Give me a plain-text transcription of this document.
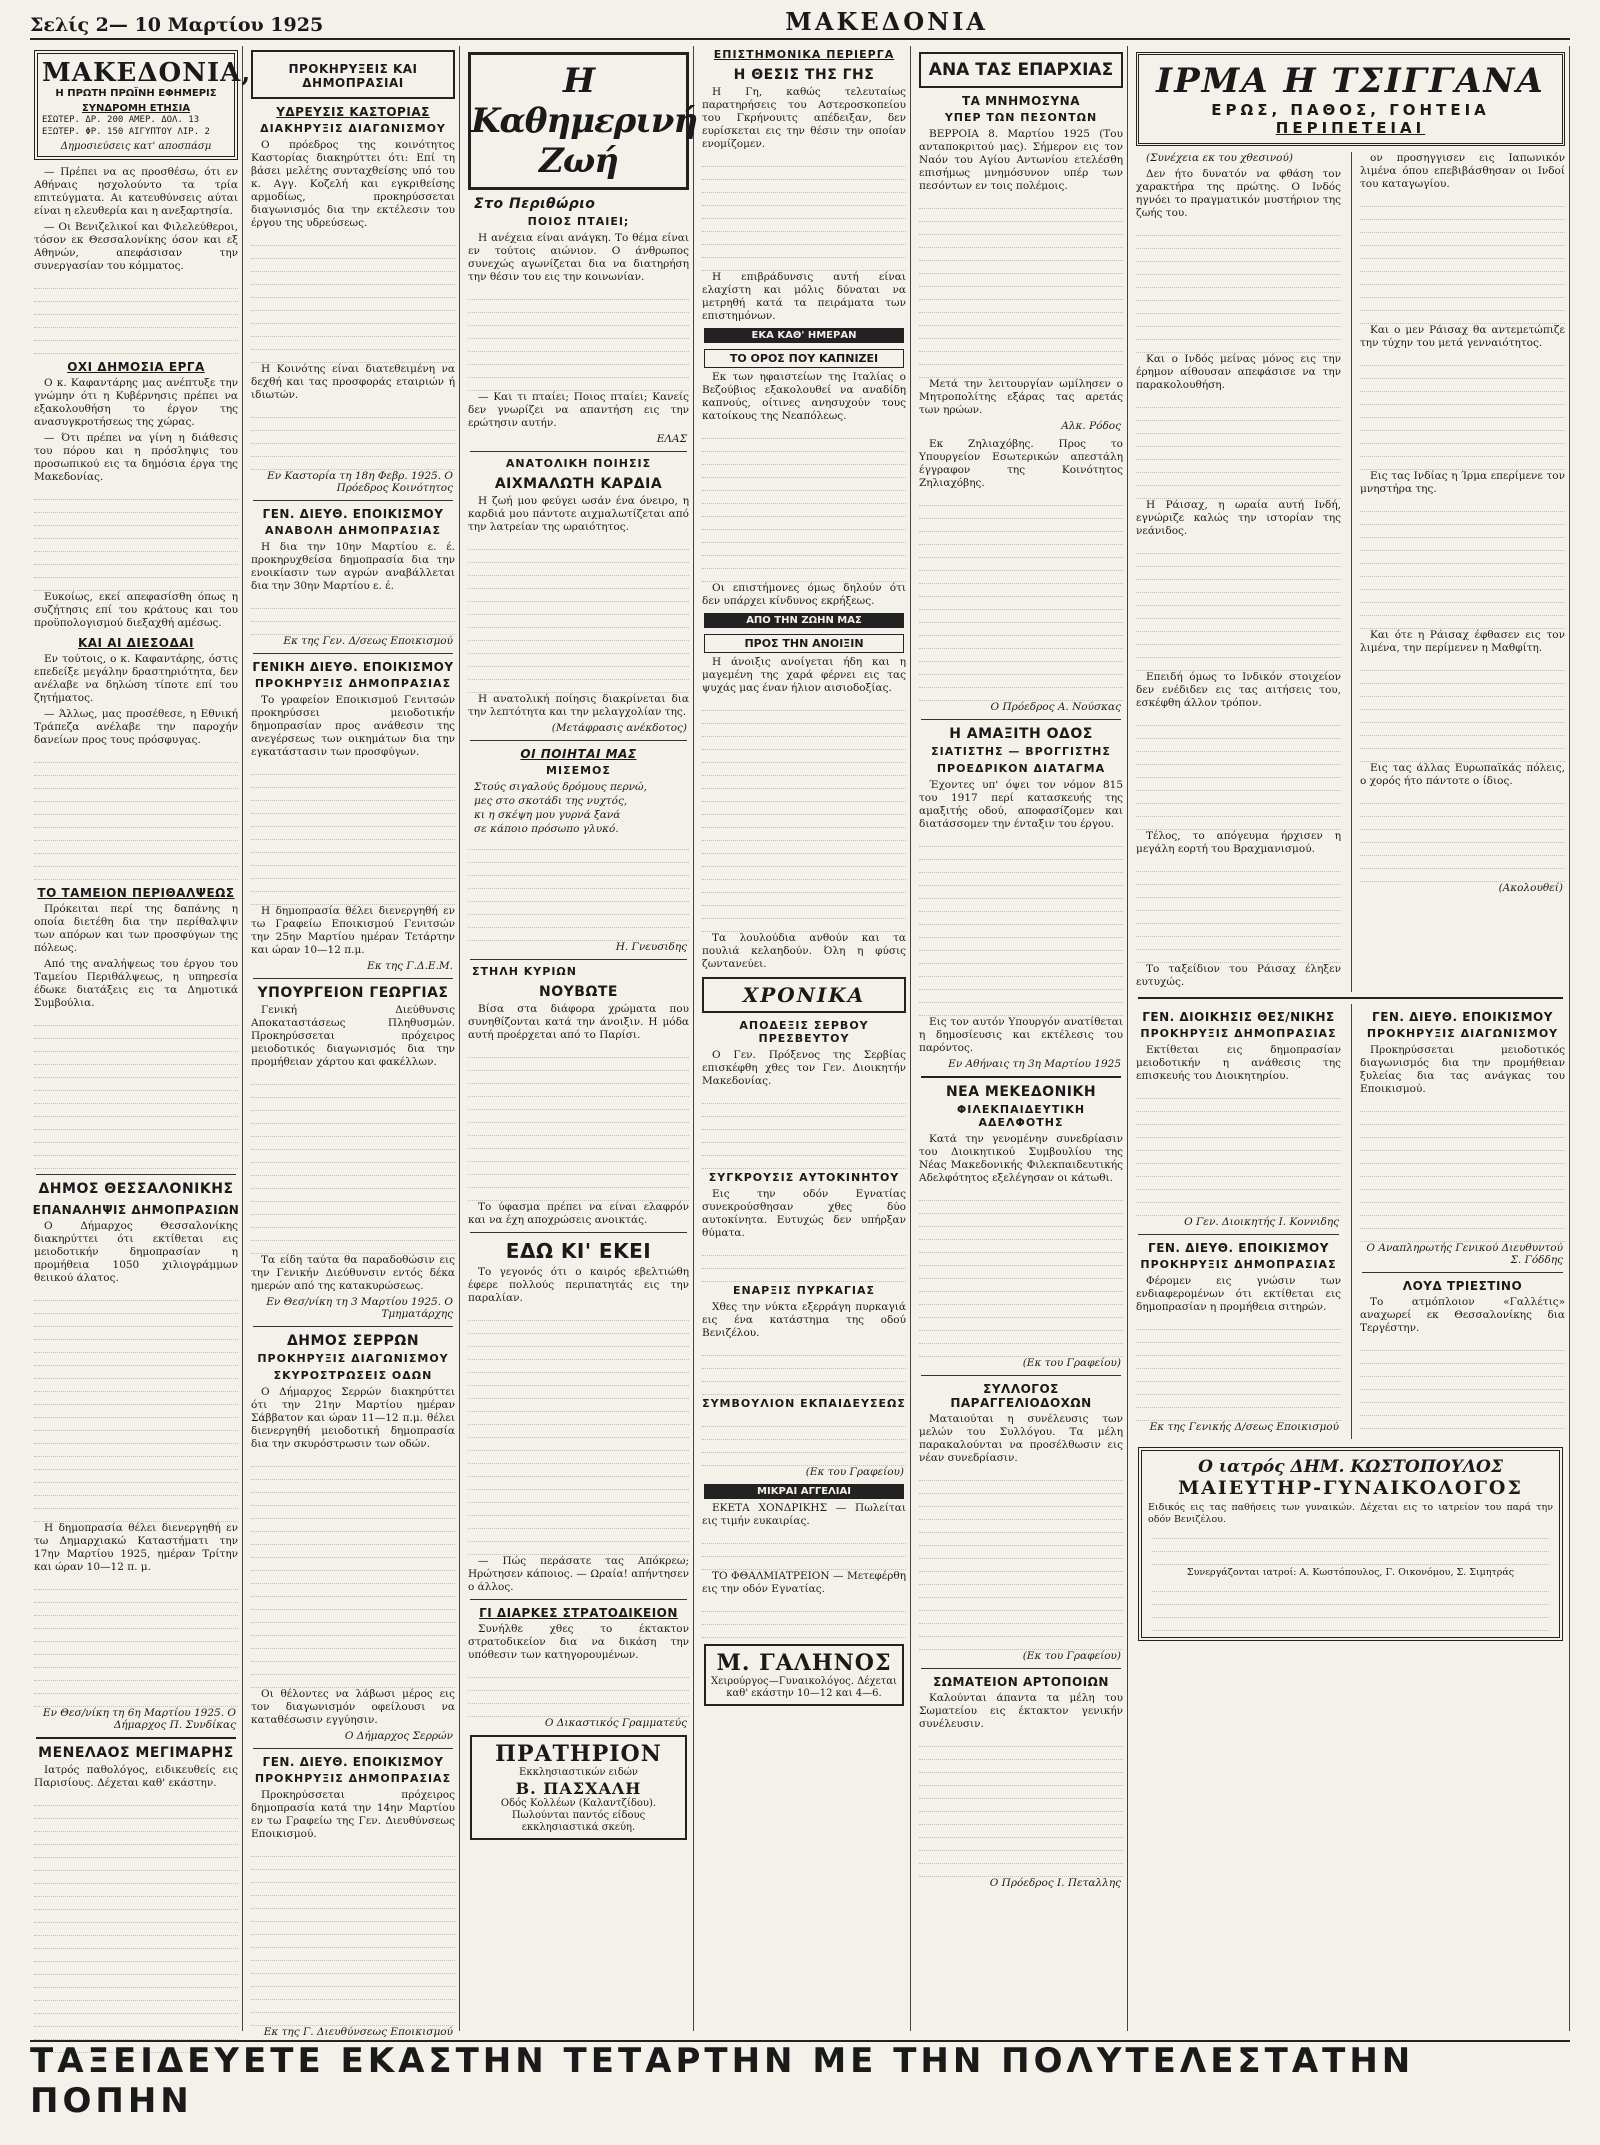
Σελίς 2— 10 Μαρτίου 1925	ΜΑΚΕΔΟΝΙΑ
ΜΑΚΕΔΟΝΙΑ,
Η ΠΡΩΤΗ ΠΡΩΪΝΗ ΕΦΗΜΕΡΙΣ
ΣΥΝΔΡΟΜΗ ΕΤΗΣΙΑ
ΕΣΩΤΕΡ. ΔΡ. 200 ΑΜΕΡ. ΔΟΛ. 13
ΕΞΩΤΕΡ. ΦΡ. 150 ΑΙΓΥΠΤΟΥ ΛΙΡ. 2
Δημοσιεύσεις κατ' αποσπάσμ

— Πρέπει να ας προσθέσω, ότι εν Αθήναις ησχολούντο τα τρία επιτεύγματα. Αι κατευθύνσεις αύται είναι η ελευθερία και η ανεξαρτησία.

— Οι Βενιζελικοί και Φιλελεύθεροι, τόσον εκ Θεσσαλονίκης όσον και εξ Αθηνών, απεφάσισαν την συνεργασίαν του κόμματος.

ΟΧΙ ΔΗΜΟΣΙΑ ΕΡΓΑ

Ο κ. Καφαντάρης μας ανέπτυξε την γνώμην ότι η Κυβέρνησις πρέπει να εξακολουθήση το έργον της ανασυγκροτήσεως της χώρας.

— Ότι πρέπει να γίνη η διάθεσις του πόρου και η πρόσληψις του προσωπικού εις τα δημόσια έργα της Μακεδονίας.

Ευκοίως, εκεί απεφασίσθη όπως η συζήτησις επί του κράτους και του προϋπολογισμού διεξαχθή αμέσως.

ΚΑΙ ΑΙ ΔΙΕΣΟΔΑΙ

Εν τούτοις, ο κ. Καφαντάρης, όστις επεδείξε μεγάλην δραστηριότητα, δεν ανέλαβε να δηλώση τίποτε επί του ζητήματος.

— Άλλως, μας προσέθεσε, η Εθνική Τράπεζα ανέλαβε την παροχήν δανείων προς τους πρόσφυγας.

ΤΟ ΤΑΜΕΙΟΝ ΠΕΡΙΘΑΛΨΕΩΣ

Πρόκειται περί της δαπάνης η οποία διετέθη δια την περίθαλψιν των απόρων και των προσφύγων της πόλεως.

Από της αναλήψεως του έργου του Ταμείου Περιθάλψεως, η υπηρεσία έδωκε διατάξεις εις τα Δημοτικά Συμβούλια.

ΔΗΜΟΣ ΘΕΣΣΑΛΟΝΙΚΗΣ
ΕΠΑΝΑΛΗΨΙΣ ΔΗΜΟΠΡΑΣΙΩΝ

Ο Δήμαρχος Θεσσαλονίκης διακηρύττει ότι εκτίθεται εις μειοδοτικήν δημοπρασίαν η προμήθεια 1050 χιλιογράμμων θειικού άλατος.

Η δημοπρασία θέλει διενεργηθή εν τω Δημαρχιακώ Καταστήματι την 17ην Μαρτίου 1925, ημέραν Τρίτην και ώραν 10—12 π. μ.

Εν Θεσ/νίκη τη 6η Μαρτίου 1925. Ο Δήμαρχος Π. Συνδίκας
ΜΕΝΕΛΑΟΣ ΜΕΓΙΜΑΡΗΣ

Ιατρός παθολόγος, ειδικευθείς εις Παρισίους. Δέχεται καθ' εκάστην.

ΠΡΟΚΗΡΥΞΕΙΣ ΚΑΙ ΔΗΜΟΠΡΑΣΙΑΙ
ΥΔΡΕΥΣΙΣ ΚΑΣΤΟΡΙΑΣ
ΔΙΑΚΗΡΥΞΙΣ ΔΙΑΓΩΝΙΣΜΟΥ

Ο πρόεδρος της κοινότητος Καστορίας διακηρύττει ότι: Επί τη βάσει μελέτης συνταχθείσης υπό του κ. Αγγ. Κοζελή και εγκριθείσης αρμοδίως, προκηρύσσεται διαγωνισμός δια την εκτέλεσιν του έργου της υδρεύσεως.

Η Κοινότης είναι διατεθειμένη να δεχθή και τας προσφοράς εταιριών ή ιδιωτών.

Εν Καστορία τη 18η Φεβρ. 1925. Ο Πρόεδρος Κοινότητος
ΓΕΝ. ΔΙΕΥΘ. ΕΠΟΙΚΙΣΜΟΥ
ΑΝΑΒΟΛΗ ΔΗΜΟΠΡΑΣΙΑΣ

Η δια την 10ην Μαρτίου ε. έ. προκηρυχθείσα δημοπρασία δια την ενοικίασιν των αγρών αναβάλλεται δια την 30ην Μαρτίου ε. έ.

Εκ της Γεν. Δ/σεως Εποικισμού
ΓΕΝΙΚΗ ΔΙΕΥΘ. ΕΠΟΙΚΙΣΜΟΥ
ΠΡΟΚΗΡΥΞΙΣ ΔΗΜΟΠΡΑΣΙΑΣ

Το γραφείον Εποικισμού Γενιτσών προκηρύσσει μειοδοτικήν δημοπρασίαν προς ανάθεσιν της ανεγέρσεως των οικημάτων δια την εγκατάστασιν των προσφύγων.

Η δημοπρασία θέλει διενεργηθή εν τω Γραφείω Εποικισμού Γενιτσών την 25ην Μαρτίου ημέραν Τετάρτην και ώραν 10—12 π.μ.

Εκ της Γ.Δ.Ε.Μ.
ΥΠΟΥΡΓΕΙΟΝ ΓΕΩΡΓΙΑΣ

Γενική Διεύθυνσις Αποκαταστάσεως Πληθυσμών. Προκηρύσσεται πρόχειρος μειοδοτικός διαγωνισμός δια την προμήθειαν χάρτου και φακέλλων.

Τα είδη ταύτα θα παραδοθώσιν εις την Γενικήν Διεύθυνσιν εντός δέκα ημερών από της κατακυρώσεως.

Εν Θεσ/νίκη τη 3 Μαρτίου 1925. Ο Τμηματάρχης
ΔΗΜΟΣ ΣΕΡΡΩΝ
ΠΡΟΚΗΡΥΞΙΣ ΔΙΑΓΩΝΙΣΜΟΥ
ΣΚΥΡΟΣΤΡΩΣΕΙΣ ΟΔΩΝ

Ο Δήμαρχος Σερρών διακηρύττει ότι την 21ην Μαρτίου ημέραν Σάββατον και ώραν 11—12 π.μ. θέλει διενεργηθή μειοδοτική δημοπρασία δια την σκυρόστρωσιν των οδών.

Οι θέλοντες να λάβωσι μέρος εις τον διαγωνισμόν οφείλουσι να καταθέσωσιν εγγύησιν.

Ο Δήμαρχος Σερρών
ΓΕΝ. ΔΙΕΥΘ. ΕΠΟΙΚΙΣΜΟΥ
ΠΡΟΚΗΡΥΞΙΣ ΔΗΜΟΠΡΑΣΙΑΣ

Προκηρύσσεται πρόχειρος δημοπρασία κατά την 14ην Μαρτίου εν τω Γραφείω της Γεν. Διευθύνσεως Εποικισμού.

Εκ της Γ. Διευθύνσεως Εποικισμού
Η Καθημερινή Ζωή
Στο Περιθώριο
ΠΟΙΟΣ ΠΤΑΙΕΙ;

Η ανέχεια είναι ανάγκη. Το θέμα είναι εν τούτοις αιώνιον. Ο άνθρωπος συνεχώς αγωνίζεται δια να διατηρήση την θέσιν του εις την κοινωνίαν.

— Και τι πταίει; Ποιος πταίει; Κανείς δεν γνωρίζει να απαντήση εις την ερώτησιν αυτήν.

ΕΛΑΣ
ΑΝΑΤΟΛΙΚΗ ΠΟΙΗΣΙΣ
ΑΙΧΜΑΛΩΤΗ ΚΑΡΔΙΑ

Η ζωή μου φεύγει ωσάν ένα όνειρο, η καρδιά μου πάντοτε αιχμαλωτίζεται από την λατρείαν της ωραιότητος.

Η ανατολική ποίησις διακρίνεται δια την λεπτότητα και την μελαγχολίαν της.

(Μετάφρασις ανέκδοτος)
ΟΙ ΠΟΙΗΤΑΙ ΜΑΣ
ΜΙΣΕΜΟΣ
Στούς σιγαλούς δρόμους περνώ,
μες στο σκοτάδι της νυχτός,
κι η σκέψη μου γυρνά ξανά
σε κάποιο πρόσωπο γλυκό.
Η. Γνευσιδης
ΣΤΗΛΗ ΚΥΡΙΩΝ
ΝΟΥΒΩΤΕ

Βίσα στα διάφορα χρώματα που συνηθίζονται κατά την άνοιξιν. Η μόδα αυτή προέρχεται από το Παρίσι.

Το ύφασμα πρέπει να είναι ελαφρόν και να έχη αποχρώσεις ανοικτάς.

ΕΔΩ ΚΙ' ΕΚΕΙ

Το γεγονός ότι ο καιρός εβελτιώθη έφερε πολλούς περιπατητάς εις την παραλίαν.

— Πώς περάσατε τας Απόκρεω; Ηρώτησεν κάποιος. — Ωραία! απήντησεν ο άλλος.

ΓΙ ΔΙΑΡΚΕΣ ΣΤΡΑΤΟΔΙΚΕΙΟΝ

Συνήλθε χθες το έκτακτον στρατοδικείον δια να δικάση την υπόθεσιν των κατηγορουμένων.

Ο Δικαστικός Γραμματεύς
ΠΡΑΤΗΡΙΟΝ
Εκκλησιαστικών ειδών
Β. ΠΑΣΧΑΛΗ
Οδός Κολλέων (Καλαντζίδου). Πωλούνται παντός είδους εκκλησιαστικά σκεύη.
ΕΠΙΣΤΗΜΟΝΙΚΑ ΠΕΡΙΕΡΓΑ
Η ΘΕΣΙΣ ΤΗΣ ΓΗΣ

Η Γη, καθώς τελευταίως παρατηρήσεις του Αστεροσκοπείου του Γκρήνουιτς απέδειξαν, δεν ευρίσκεται εις την θέσιν την οποίαν ενομίζομεν.

Η επιβράδυνσις αυτή είναι ελαχίστη και μόλις δύναται να μετρηθή κατά τα πειράματα των επιστημόνων.

ΕΚΑ ΚΑΘ' ΗΜΕΡΑΝ
ΤΟ ΟΡΟΣ ΠΟΥ ΚΑΠΝΙΖΕΙ

Εκ των ηφαιστείων της Ιταλίας ο Βεζούβιος εξακολουθεί να αναδίδη καπνούς, οίτινες ανησυχούν τους κατοίκους της Νεαπόλεως.

Οι επιστήμονες όμως δηλούν ότι δεν υπάρχει κίνδυνος εκρήξεως.

ΑΠΟ ΤΗΝ ΖΩΗΝ ΜΑΣ
ΠΡΟΣ ΤΗΝ ΑΝΟΙΞΙΝ

Η άνοιξις ανοίγεται ήδη και η μαγεμένη της χαρά φέρνει εις τας ψυχάς μας έναν ήλιον αισιοδοξίας.

Τα λουλούδια ανθούν και τα πουλιά κελαηδούν. Όλη η φύσις ζωντανεύει.

ΧΡΟΝΙΚΑ
ΑΠΟΔΕΞΙΣ ΣΕΡΒΟΥ ΠΡΕΣΒΕΥΤΟΥ

Ο Γεν. Πρόξενος της Σερβίας επισκέφθη χθες τον Γεν. Διοικητήν Μακεδονίας.

ΣΥΓΚΡΟΥΣΙΣ ΑΥΤΟΚΙΝΗΤΟΥ

Εις την οδόν Εγνατίας συνεκρούσθησαν χθες δύο αυτοκίνητα. Ευτυχώς δεν υπήρξαν θύματα.

ΕΝΑΡΞΙΣ ΠΥΡΚΑΓΙΑΣ

Χθες την νύκτα εξερράγη πυρκαγιά εις ένα κατάστημα της οδού Βενιζέλου.

ΣΥΜΒΟΥΛΙΟΝ ΕΚΠΑΙΔΕΥΣΕΩΣ
(Εκ του Γραφείου)
ΜΙΚΡΑΙ ΑΓΓΕΛΙΑΙ

ΕΚΕΤΑ ΧΟΝΔΡΙΚΗΣ — Πωλείται εις τιμήν ευκαιρίας.

ΤΟ ΦΘΑΛΜΙΑΤΡΕΙΟΝ — Μετεφέρθη εις την οδόν Εγνατίας.

Μ. ΓΑΛΗΝΟΣ
Χειρούργος—Γυναικολόγος. Δέχεται καθ' εκάστην 10—12 και 4—6.
ΑΝΑ ΤΑΣ ΕΠΑΡΧΙΑΣ
ΤΑ ΜΝΗΜΟΣΥΝΑ
ΥΠΕΡ ΤΩΝ ΠΕΣΟΝΤΩΝ

ΒΕΡΡΟΙΑ 8. Μαρτίου 1925 (Του ανταποκριτού μας). Σήμερον εις τον Ναόν του Αγίου Αντωνίου ετελέσθη επισήμως μνημόσυνον υπέρ των πεσόντων εν τοις πολέμοις.

Μετά την λειτουργίαν ωμίλησεν ο Μητροπολίτης εξάρας τας αρετάς των ηρώων.

Αλκ. Ρόδος

Εκ Ζηλιαχόβης. Προς το Υπουργείον Εσωτερικών απεστάλη έγγραφον της Κοινότητος Ζηλιαχόβης.

Ο Πρόεδρος Α. Νούσκας
Η ΑΜΑΞΙΤΗ ΟΔΟΣ
ΣΙΑΤΙΣΤΗΣ — ΒΡΟΓΓΙΣΤΗΣ
ΠΡΟΕΔΡΙΚΟΝ ΔΙΑΤΑΓΜΑ

Έχοντες υπ' όψει τον νόμον 815 του 1917 περί κατασκευής της αμαξιτής οδού, αποφασίζομεν και διατάσσομεν την ένταξιν του έργου.

Εις τον αυτόν Υπουργόν ανατίθεται η δημοσίευσις και εκτέλεσις του παρόντος.

Εν Αθήναις τη 3η Μαρτίου 1925
ΝΕΑ ΜΕΚΕΔΟΝΙΚΗ
ΦΙΛΕΚΠΑΙΔΕΥΤΙΚΗ ΑΔΕΛΦΟΤΗΣ

Κατά την γενομένην συνεδρίασιν του Διοικητικού Συμβουλίου της Νέας Μακεδονικής Φιλεκπαιδευτικής Αδελφότητος εξελέγησαν οι κάτωθι.

(Εκ του Γραφείου)
ΣΥΛΛΟΓΟΣ ΠΑΡΑΓΓΕΛΙΟΔΟΧΩΝ

Ματαιούται η συνέλευσις των μελών του Συλλόγου. Τα μέλη παρακαλούνται να προσέλθωσιν εις νέαν συνεδρίασιν.

(Εκ του Γραφείου)
ΣΩΜΑΤΕΙΟΝ ΑΡΤΟΠΟΙΩΝ

Καλούνται άπαντα τα μέλη του Σωματείου εις έκτακτον γενικήν συνέλευσιν.

Ο Πρόεδρος Ι. Πεταλλης
ΙΡΜΑ Η ΤΣΙΓΓΑΝΑ
ΕΡΩΣ, ΠΑΘΟΣ, ΓΟΗΤΕΙΑ
ΠΕΡΙΠΕΤΕΙΑΙ

(Συνέχεια εκ του χθεσινού)

Δεν ήτο δυνατόν να φθάση τον χαρακτήρα της πρώτης. Ο Ινδός ηγνόει το πραγματικόν μυστήριον της ζωής του.

Και ο Ινδός μείνας μόνος εις την έρημον αίθουσαν απεφάσισε να την παρακολουθήση.

Η Ράισαχ, η ωραία αυτή Ινδή, εγνώριζε καλώς την ιστορίαν της νεάνιδος.

Επειδή όμως το Ινδικόν στοιχείον δεν ενέδιδεν εις τας αιτήσεις του, εσκέφθη άλλον τρόπον.

Τέλος, το απόγευμα ήρχισεν η μεγάλη εορτή του Βραχμανισμού.

Το ταξείδιον του Ράισαχ έληξεν ευτυχώς.

ον προσηγγισεν εις Ιαπωνικόν λιμένα όπου επεβιβάσθησαν οι Ινδοί του καταγωγίου.

Και ο μεν Ράισαχ θα αντεμετώπιζε την τύχην του μετά γενναιότητος.

Εις τας Ινδίας η Ίρμα επερίμενε τον μνηστήρα της.

Και ότε η Ράισαχ έφθασεν εις τον λιμένα, την περίμενεν η Μαθφίτη.

Εις τας άλλας Ευρωπαϊκάς πόλεις, ο χορός ήτο πάντοτε ο ίδιος.

(Ακολουθεί)
ΓΕΝ. ΔΙΟΙΚΗΣΙΣ ΘΕΣ/ΝΙΚΗΣ
ΠΡΟΚΗΡΥΞΙΣ ΔΗΜΟΠΡΑΣΙΑΣ

Εκτίθεται εις δημοπρασίαν μειοδοτικήν η ανάθεσις της επισκευής του Διοικητηρίου.

Ο Γεν. Διοικητής Ι. Κοννιδης
ΓΕΝ. ΔΙΕΥΘ. ΕΠΟΙΚΙΣΜΟΥ
ΠΡΟΚΗΡΥΞΙΣ ΔΗΜΟΠΡΑΣΙΑΣ

Φέρομεν εις γνώσιν των ενδιαφερομένων ότι εκτίθεται εις δημοπρασίαν η προμήθεια σιτηρών.

Εκ της Γενικής Δ/σεως Εποικισμού
ΓΕΝ. ΔΙΕΥΘ. ΕΠΟΙΚΙΣΜΟΥ
ΠΡΟΚΗΡΥΞΙΣ ΔΙΑΓΩΝΙΣΜΟΥ

Προκηρύσσεται μειοδοτικός διαγωνισμός δια την προμήθειαν ξυλείας δια τας ανάγκας του Εποικισμού.

Ο Αναπληρωτής Γενικού Διευθυντού Σ. Γόδδης
ΛΟΥΔ ΤΡΙΕΣΤΙΝΟ

Το ατμόπλοιον «Γαλλέτις» αναχωρεί εκ Θεσσαλονίκης δια Τεργέστην.

Ο ιατρός ΔΗΜ. ΚΩΣΤΟΠΟΥΛΟΣ
ΜΑΙΕΥΤΗΡ-ΓΥΝΑΙΚΟΛΟΓΟΣ
Ειδικός εις τας παθήσεις των γυναικών. Δέχεται εις το ιατρείον του παρά την οδόν Βενιζέλου.
Συνεργάζονται ιατροί: Α. Κωστόπουλος, Γ. Οικονόμου, Σ. Σιμητράς
ΤΑΞΕΙΔΕΥΕΤΕ ΕΚΑΣΤΗΝ ΤΕΤΑΡΤΗΝ ΜΕ ΤΗΝ ΠΟΛΥΤΕΛΕΣΤΑΤΗΝ ΠΟΠΗΝ
